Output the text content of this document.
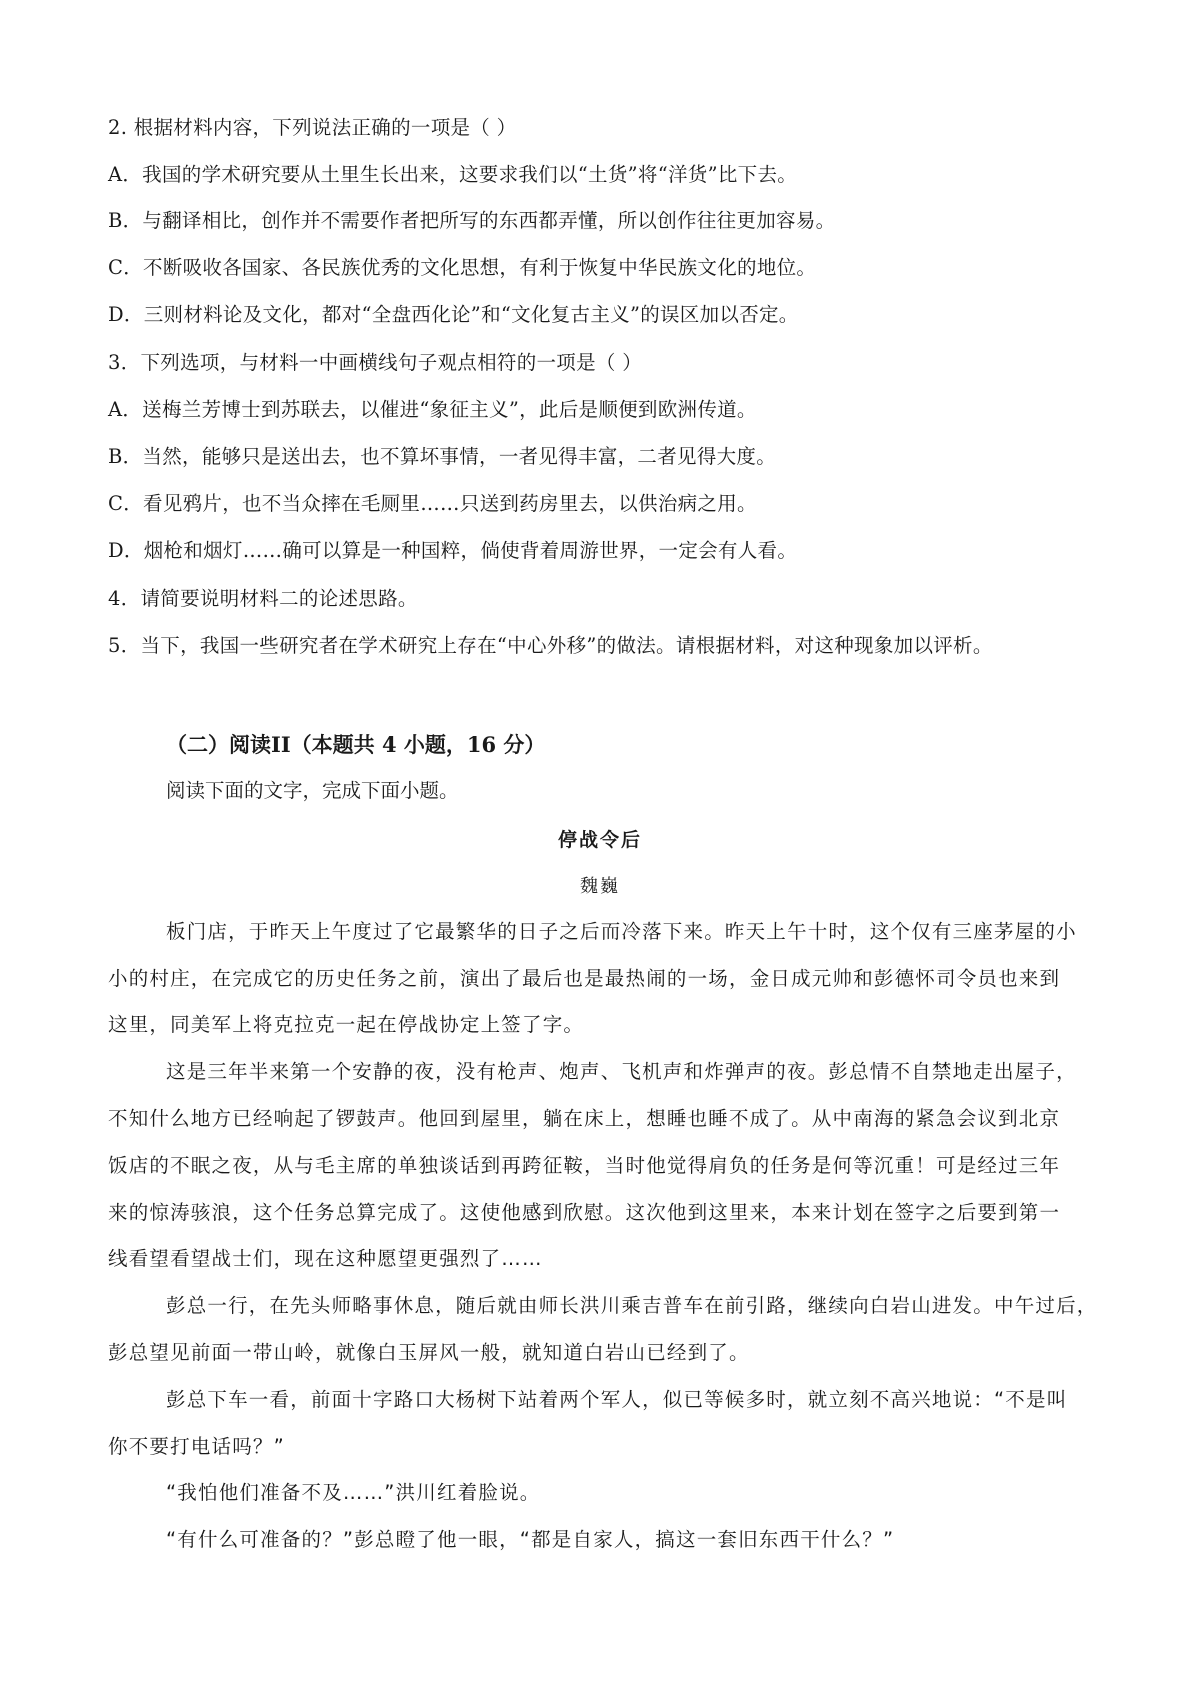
2. 根据材料内容，下列说法正确的一项是（ ）
A．我国的学术研究要从土里生长出来，这要求我们以“土货”将“洋货”比下去。
B．与翻译相比，创作并不需要作者把所写的东西都弄懂，所以创作往往更加容易。
C．不断吸收各国家、各民族优秀的文化思想，有利于恢复中华民族文化的地位。
D．三则材料论及文化，都对“全盘西化论”和“文化复古主义”的误区加以否定。
3．下列选项，与材料一中画横线句子观点相符的一项是（ ）
A．送梅兰芳博士到苏联去，以催进“象征主义”，此后是顺便到欧洲传道。
B．当然，能够只是送出去，也不算坏事情，一者见得丰富，二者见得大度。
C．看见鸦片，也不当众摔在毛厕里……只送到药房里去，以供治病之用。
D．烟枪和烟灯……确可以算是一种国粹，倘使背着周游世界，一定会有人看。
4．请简要说明材料二的论述思路。
5．当下，我国一些研究者在学术研究上存在“中心外移”的做法。请根据材料，对这种现象加以评析。
（二）阅读II（本题共 4 小题，16 分）
阅读下面的文字，完成下面小题。
停战令后
魏巍
板门店，于昨天上午度过了它最繁华的日子之后而冷落下来。昨天上午十时，这个仅有三座茅屋的小
小的村庄，在完成它的历史任务之前，演出了最后也是最热闹的一场，金日成元帅和彭德怀司令员也来到
这里，同美军上将克拉克一起在停战协定上签了字。
这是三年半来第一个安静的夜，没有枪声、炮声、飞机声和炸弹声的夜。彭总情不自禁地走出屋子，
不知什么地方已经响起了锣鼓声。他回到屋里，躺在床上，想睡也睡不成了。从中南海的紧急会议到北京
饭店的不眠之夜，从与毛主席的单独谈话到再跨征鞍，当时他觉得肩负的任务是何等沉重！可是经过三年
来的惊涛骇浪，这个任务总算完成了。这使他感到欣慰。这次他到这里来，本来计划在签字之后要到第一
线看望看望战士们，现在这种愿望更强烈了……
彭总一行，在先头师略事休息，随后就由师长洪川乘吉普车在前引路，继续向白岩山进发。中午过后，
彭总望见前面一带山岭，就像白玉屏风一般，就知道白岩山已经到了。
彭总下车一看，前面十字路口大杨树下站着两个军人，似已等候多时，就立刻不高兴地说：“不是叫
你不要打电话吗？”
“我怕他们准备不及……”洪川红着脸说。
“有什么可准备的？”彭总瞪了他一眼，“都是自家人，搞这一套旧东西干什么？”
